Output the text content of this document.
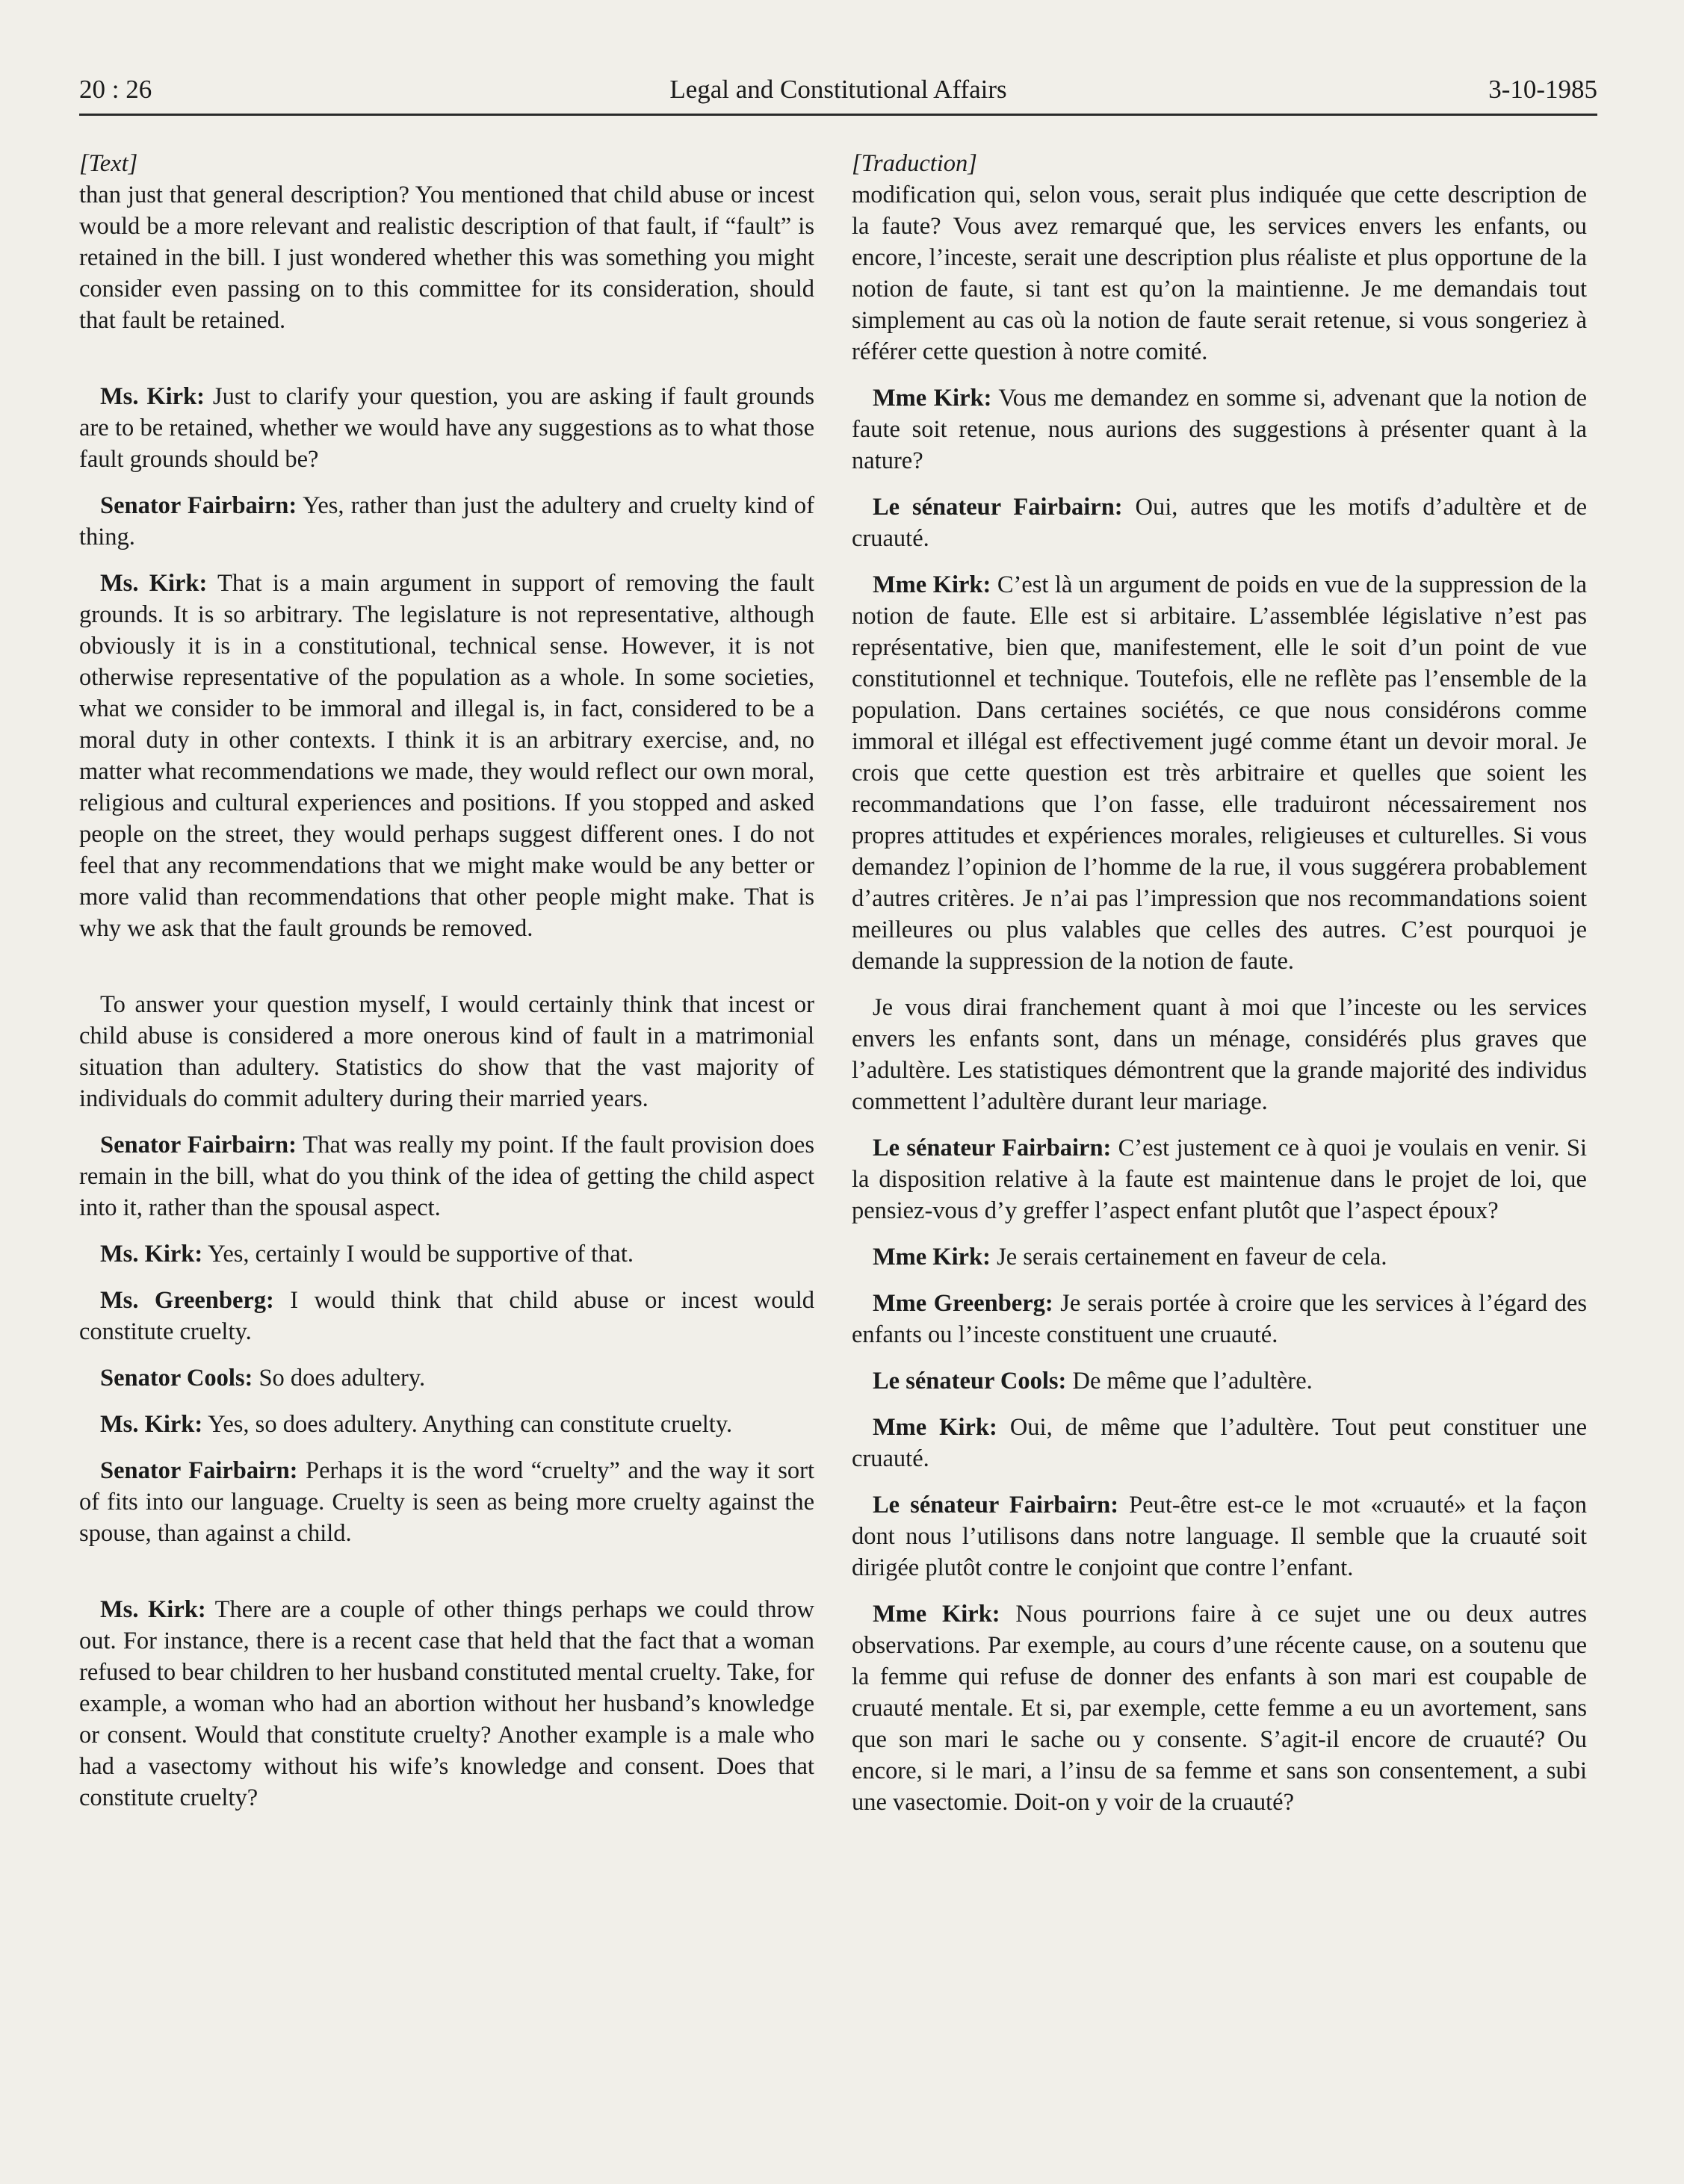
20 : 26	Legal and Constitutional Affairs	3-10-1985

[Text]

than just that general description? You mentioned that child abuse or incest would be a more relevant and realistic description of that fault, if “fault” is retained in the bill. I just wondered whether this was something you might consider even passing on to this committee for its consideration, should that fault be retained.

Ms. Kirk: Just to clarify your question, you are asking if fault grounds are to be retained, whether we would have any suggestions as to what those fault grounds should be?

Senator Fairbairn: Yes, rather than just the adultery and cruelty kind of thing.

Ms. Kirk: That is a main argument in support of removing the fault grounds. It is so arbitrary. The legislature is not representative, although obviously it is in a constitutional, technical sense. However, it is not otherwise representative of the population as a whole. In some societies, what we consider to be immoral and illegal is, in fact, considered to be a moral duty in other contexts. I think it is an arbitrary exercise, and, no matter what recommendations we made, they would reflect our own moral, religious and cultural experiences and positions. If you stopped and asked people on the street, they would perhaps suggest different ones. I do not feel that any recommendations that we might make would be any better or more valid than recommendations that other people might make. That is why we ask that the fault grounds be removed.

To answer your question myself, I would certainly think that incest or child abuse is considered a more onerous kind of fault in a matrimonial situation than adultery. Statistics do show that the vast majority of individuals do commit adultery during their married years.

Senator Fairbairn: That was really my point. If the fault provision does remain in the bill, what do you think of the idea of getting the child aspect into it, rather than the spousal aspect.

Ms. Kirk: Yes, certainly I would be supportive of that.

Ms. Greenberg: I would think that child abuse or incest would constitute cruelty.

Senator Cools: So does adultery.

Ms. Kirk: Yes, so does adultery. Anything can constitute cruelty.

Senator Fairbairn: Perhaps it is the word “cruelty” and the way it sort of fits into our language. Cruelty is seen as being more cruelty against the spouse, than against a child.

Ms. Kirk: There are a couple of other things perhaps we could throw out. For instance, there is a recent case that held that the fact that a woman refused to bear children to her husband constituted mental cruelty. Take, for example, a woman who had an abortion without her husband’s knowledge or consent. Would that constitute cruelty? Another example is a male who had a vasectomy without his wife’s knowledge and consent. Does that constitute cruelty?

[Traduction]

modification qui, selon vous, serait plus indiquée que cette description de la faute? Vous avez remarqué que, les services envers les enfants, ou encore, l’inceste, serait une description plus réaliste et plus opportune de la notion de faute, si tant est qu’on la maintienne. Je me demandais tout simplement au cas où la notion de faute serait retenue, si vous songeriez à référer cette question à notre comité.

Mme Kirk: Vous me demandez en somme si, advenant que la notion de faute soit retenue, nous aurions des suggestions à présenter quant à la nature?

Le sénateur Fairbairn: Oui, autres que les motifs d’adultère et de cruauté.

Mme Kirk: C’est là un argument de poids en vue de la suppression de la notion de faute. Elle est si arbitaire. L’assemblée législative n’est pas représentative, bien que, manifestement, elle le soit d’un point de vue constitutionnel et technique. Toutefois, elle ne reflète pas l’ensemble de la population. Dans certaines sociétés, ce que nous considérons comme immoral et illégal est effectivement jugé comme étant un devoir moral. Je crois que cette question est très arbitraire et quelles que soient les recommandations que l’on fasse, elle traduiront nécessairement nos propres attitudes et expériences morales, religieuses et culturelles. Si vous demandez l’opinion de l’homme de la rue, il vous suggérera probablement d’autres critères. Je n’ai pas l’impression que nos recommandations soient meilleures ou plus valables que celles des autres. C’est pourquoi je demande la suppression de la notion de faute.

Je vous dirai franchement quant à moi que l’inceste ou les services envers les enfants sont, dans un ménage, considérés plus graves que l’adultère. Les statistiques démontrent que la grande majorité des individus commettent l’adultère durant leur mariage.

Le sénateur Fairbairn: C’est justement ce à quoi je voulais en venir. Si la disposition relative à la faute est maintenue dans le projet de loi, que pensiez-vous d’y greffer l’aspect enfant plutôt que l’aspect époux?

Mme Kirk: Je serais certainement en faveur de cela.

Mme Greenberg: Je serais portée à croire que les services à l’égard des enfants ou l’inceste constituent une cruauté.

Le sénateur Cools: De même que l’adultère.

Mme Kirk: Oui, de même que l’adultère. Tout peut constituer une cruauté.

Le sénateur Fairbairn: Peut-être est-ce le mot «cruauté» et la façon dont nous l’utilisons dans notre language. Il semble que la cruauté soit dirigée plutôt contre le conjoint que contre l’enfant.

Mme Kirk: Nous pourrions faire à ce sujet une ou deux autres observations. Par exemple, au cours d’une récente cause, on a soutenu que la femme qui refuse de donner des enfants à son mari est coupable de cruauté mentale. Et si, par exemple, cette femme a eu un avortement, sans que son mari le sache ou y consente. S’agit-il encore de cruauté? Ou encore, si le mari, a l’insu de sa femme et sans son consentement, a subi une vasectomie. Doit-on y voir de la cruauté?
